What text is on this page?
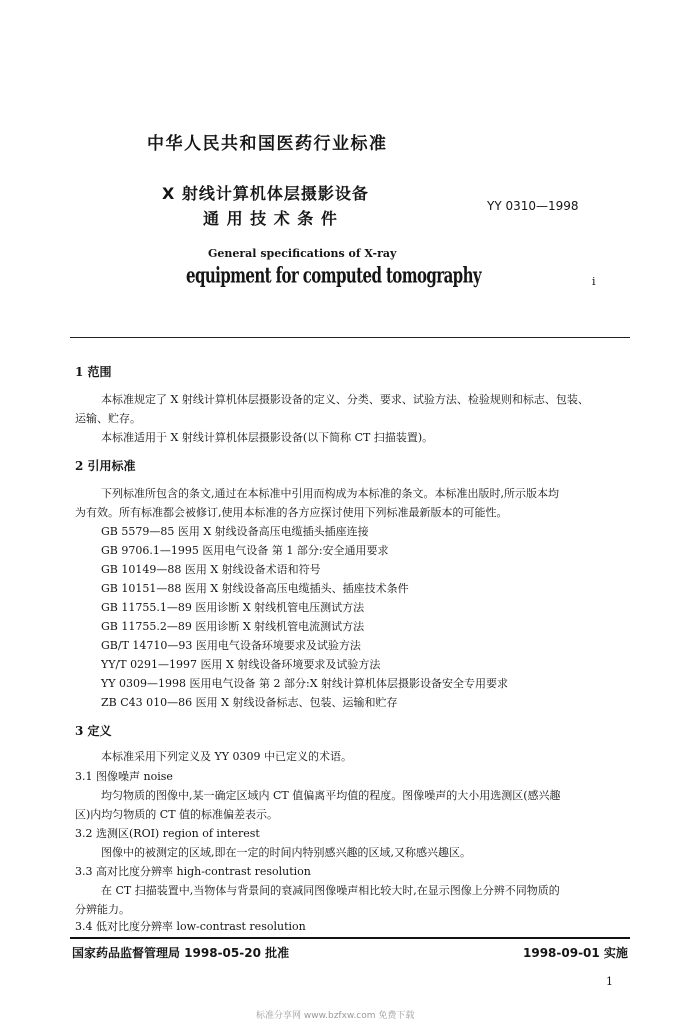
中华人民共和国医药行业标准
X 射线计算机体层摄影设备
通 用 技 术 条 件
YY 0310—1998
General specifications of X-ray
equipment for computed tomography	i
1 范围
本标准规定了 X 射线计算机体层摄影设备的定义、分类、要求、试验方法、检验规则和标志、包装、
运输、贮存。
本标准适用于 X 射线计算机体层摄影设备(以下简称 CT 扫描装置)。
2 引用标准
下列标准所包含的条文,通过在本标准中引用而构成为本标准的条文。本标准出版时,所示版本均
为有效。所有标准都会被修订,使用本标准的各方应探讨使用下列标准最新版本的可能性。
GB 5579—85 医用 X 射线设备高压电缆插头插座连接
GB 9706.1—1995 医用电气设备 第 1 部分:安全通用要求
GB 10149—88 医用 X 射线设备术语和符号
GB 10151—88 医用 X 射线设备高压电缆插头、插座技术条件
GB 11755.1—89 医用诊断 X 射线机管电压测试方法
GB 11755.2—89 医用诊断 X 射线机管电流测试方法
GB/T 14710—93 医用电气设备环境要求及试验方法
YY/T 0291—1997 医用 X 射线设备环境要求及试验方法
YY 0309—1998 医用电气设备 第 2 部分:X 射线计算机体层摄影设备安全专用要求
ZB C43 010—86 医用 X 射线设备标志、包装、运输和贮存
3 定义
本标准采用下列定义及 YY 0309 中已定义的术语。
3.1 图像噪声 noise
均匀物质的图像中,某一确定区域内 CT 值偏离平均值的程度。图像噪声的大小用选测区(感兴趣
区)内均匀物质的 CT 值的标准偏差表示。
3.2 选测区(ROI) region of interest
图像中的被测定的区域,即在一定的时间内特别感兴趣的区域,又称感兴趣区。
3.3 高对比度分辨率 high-contrast resolution
在 CT 扫描装置中,当物体与背景间的衰减同图像噪声相比较大时,在显示图像上分辨不同物质的
分辨能力。
3.4 低对比度分辨率 low-contrast resolution
国家药品监督管理局 1998-05-20 批准	1998-09-01 实施
1
标准分享网 www.bzfxw.com 免费下载
